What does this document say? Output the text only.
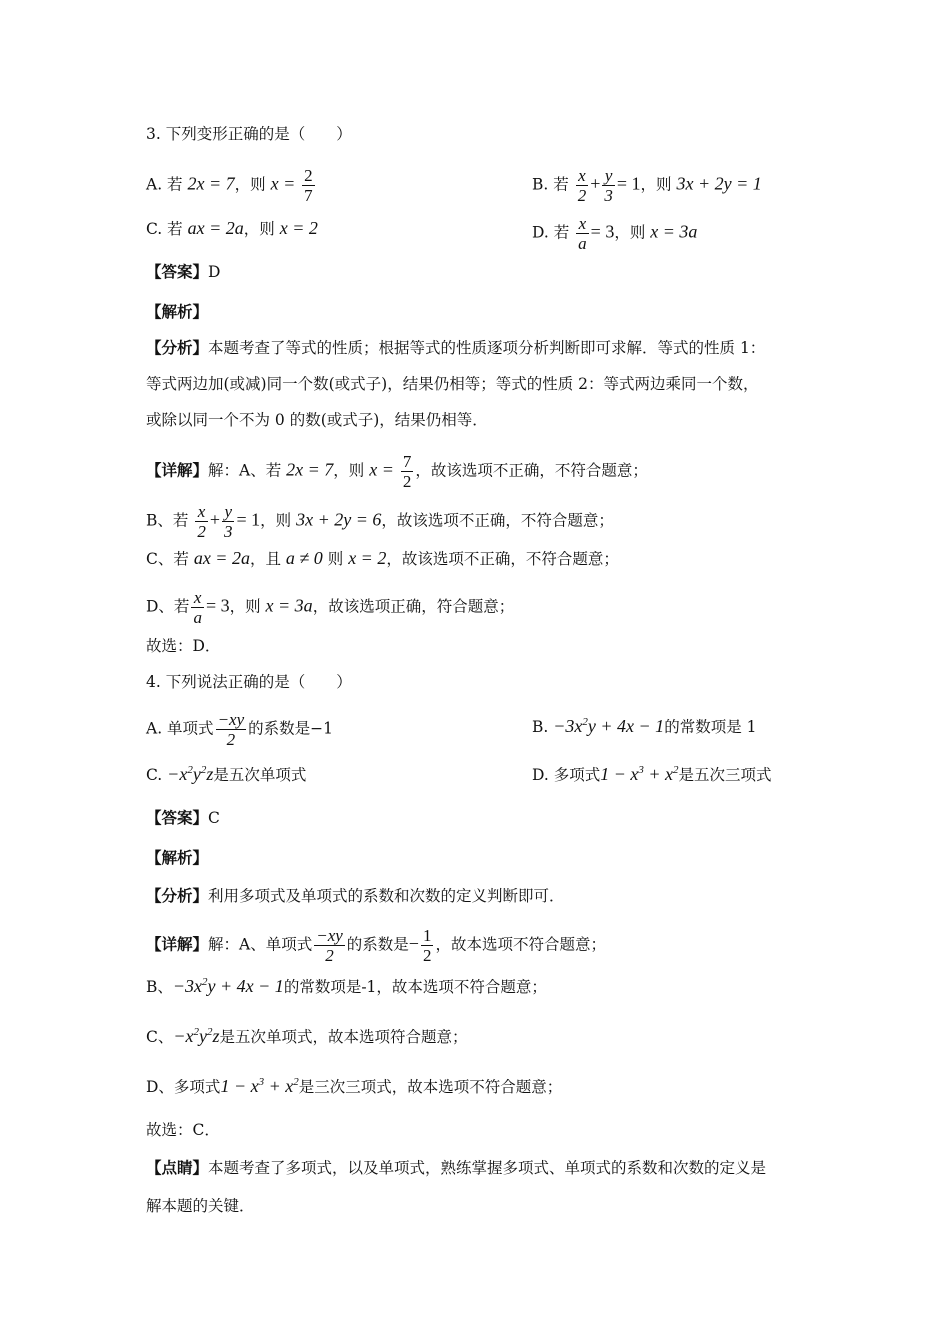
3. 下列变形正确的是（　　）
A. 若 2x = 7，则 $x = \frac{2}{7}$	B. 若 $\frac{x}{2} + \frac{y}{3} = 1$，则 3x + 2y = 1
C. 若 ax = 2a，则 x = 2	D. 若 $\frac{x}{a} = 3$，则 x = 3a
【答案】D
【解析】
【分析】本题考查了等式的性质；根据等式的性质逐项分析判断即可求解．等式的性质 1：
等式两边加(或减)同一个数(或式子)，结果仍相等；等式的性质 2：等式两边乘同一个数，
或除以同一个不为 0 的数(或式子)，结果仍相等．
【详解】解：A、若 2x = 7，则 $x = \frac{7}{2}$ ，故该选项不正确，不符合题意；
B、若 $\frac{x}{2} + \frac{y}{3} = 1$，则 3x + 2y = 6，故该选项不正确，不符合题意；
C、若 ax = 2a，且 a ≠ 0 则 x = 2，故该选项不正确，不符合题意；
D、若 $\frac{x}{a} = 3$，则 x = 3a，故该选项正确，符合题意；
故选：D．
4. 下列说法正确的是（　　）
A. 单项式 $\frac{-xy}{2}$ 的系数是−1	B. $-3x^2y + 4x - 1$的常数项是 1
C. $-x^2y^2z$是五次单项式	D. 多项式$1 - x^3 + x^2$是五次三项式
【答案】C
【解析】
【分析】利用多项式及单项式的系数和次数的定义判断即可．
【详解】解：A、单项式 $\frac{-xy}{2}$ 的系数是− $\frac{1}{2}$ ，故本选项不符合题意；
B、$-3x^2y + 4x - 1$的常数项是-1，故本选项不符合题意；
C、$-x^2y^2z$是五次单项式，故本选项符合题意；
D、多项式$1 - x^3 + x^2$是三次三项式，故本选项不符合题意；
故选：C．
【点睛】本题考查了多项式，以及单项式，熟练掌握多项式、单项式的系数和次数的定义是
解本题的关键．
